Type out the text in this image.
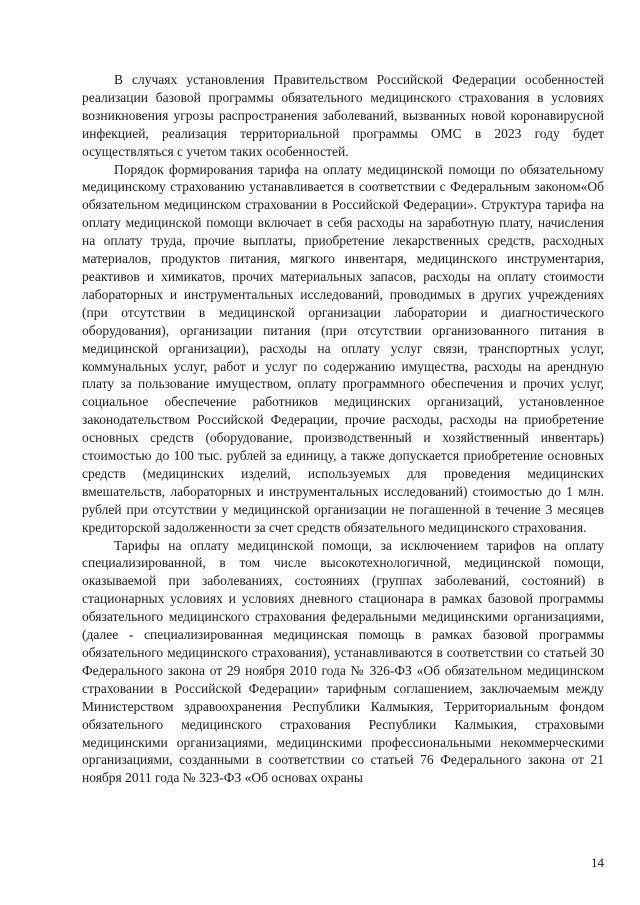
В случаях установления Правительством Российской Федерации особенностей реализации базовой программы обязательного медицинского страхования в условиях возникновения угрозы распространения заболеваний, вызванных новой коронавирусной инфекцией, реализация территориальной программы ОМС в 2023 году будет осуществляться с учетом таких особенностей.

Порядок формирования тарифа на оплату медицинской помощи по обязательному медицинскому страхованию устанавливается в соответствии с Федеральным законом«Об обязательном медицинском страховании в Российской Федерации». Структура тарифа на оплату медицинской помощи включает в себя расходы на заработную плату, начисления на оплату труда, прочие выплаты, приобретение лекарственных средств, расходных материалов, продуктов питания, мягкого инвентаря, медицинского инструментария, реактивов и химикатов, прочих материальных запасов, расходы на оплату стоимости лабораторных и инструментальных исследований, проводимых в других учреждениях (при отсутствии в медицинской организации лаборатории и диагностического оборудования), организации питания (при отсутствии организованного питания в медицинской организации), расходы на оплату услуг связи, транспортных услуг, коммунальных услуг, работ и услуг по содержанию имущества, расходы на арендную плату за пользование имуществом, оплату программного обеспечения и прочих услуг, социальное обеспечение работников медицинских организаций, установленное законодательством Российской Федерации, прочие расходы, расходы на приобретение основных средств (оборудование, производственный и хозяйственный инвентарь) стоимостью до 100 тыс. рублей за единицу, а также допускается приобретение основных средств (медицинских изделий, используемых для проведения медицинских вмешательств, лабораторных и инструментальных исследований) стоимостью до 1 млн. рублей при отсутствии у медицинской организации не погашенной в течение 3 месяцев кредиторской задолженности за счет средств обязательного медицинского страхования.

Тарифы на оплату медицинской помощи, за исключением тарифов на оплату специализированной, в том числе высокотехнологичной, медицинской помощи, оказываемой при заболеваниях, состояниях (группах заболеваний, состояний) в стационарных условиях и условиях дневного стационара в рамках базовой программы обязательного медицинского страхования федеральными медицинскими организациями, (далее - специализированная медицинская помощь в рамках базовой программы обязательного медицинского страхования), устанавливаются в соответствии со статьей 30 Федерального закона от 29 ноября 2010 года № 326-ФЗ «Об обязательном медицинском страховании в Российской Федерации» тарифным соглашением, заключаемым между Министерством здравоохранения Республики Калмыкия, Территориальным фондом обязательного медицинского страхования Республики Калмыкия, страховыми медицинскими организациями, медицинскими профессиональными некоммерческими организациями, созданными в соответствии со статьей 76 Федерального закона от 21 ноября 2011 года № 323-ФЗ «Об основах охраны

14
